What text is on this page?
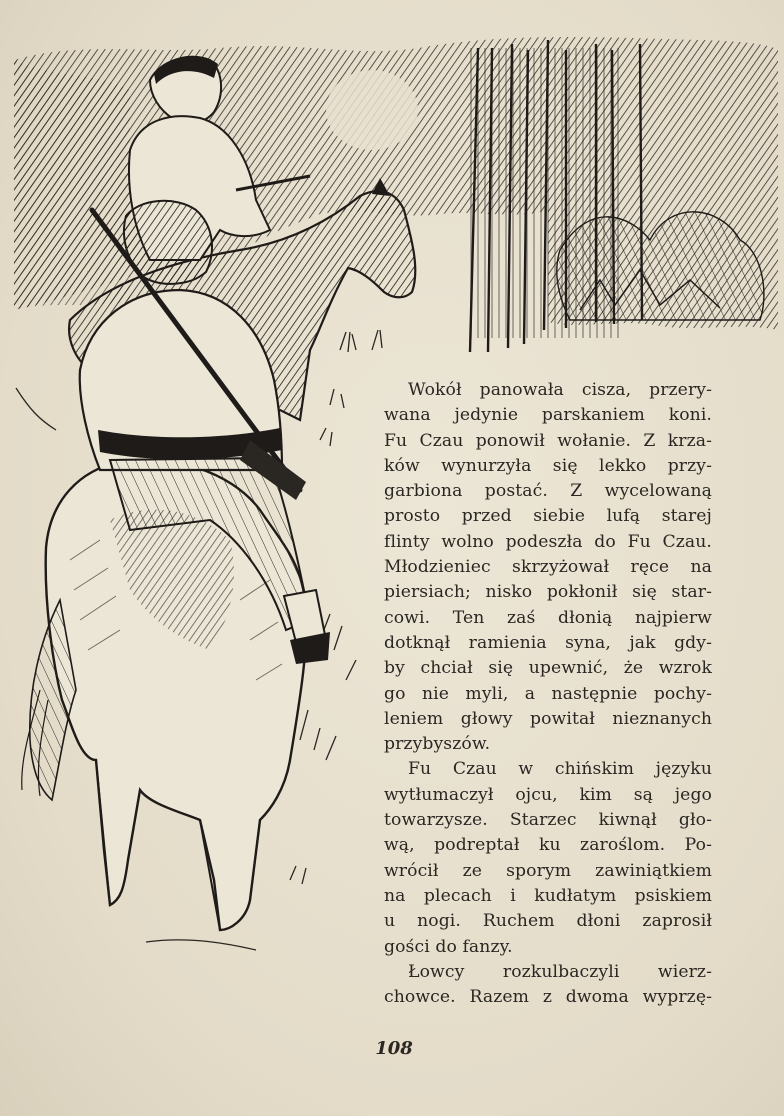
Wokół panowała cisza, przery-
wana jedynie parskaniem koni.
Fu Czau ponowił wołanie. Z krza-
ków wynurzyła się lekko przy-
garbiona postać. Z wycelowaną
prosto przed siebie lufą starej
flinty wolno podeszła do Fu Czau.
Młodzieniec skrzyżował ręce na
piersiach; nisko pokłonił się star-
cowi. Ten zaś dłonią najpierw
dotknął ramienia syna, jak gdy-
by chciał się upewnić, że wzrok
go nie myli, a następnie pochy-
leniem głowy powitał nieznanych
przybyszów.
Fu Czau w chińskim języku
wytłumaczył ojcu, kim są jego
towarzysze. Starzec kiwnął gło-
wą, podreptał ku zaroślom. Po-
wrócił ze sporym zawiniątkiem
na plecach i kudłatym psiskiem
u nogi. Ruchem dłoni zaprosił
gości do fanzy.
Łowcy rozkulbaczyli wierz-
chowce. Razem z dwoma wyprzę-
108
